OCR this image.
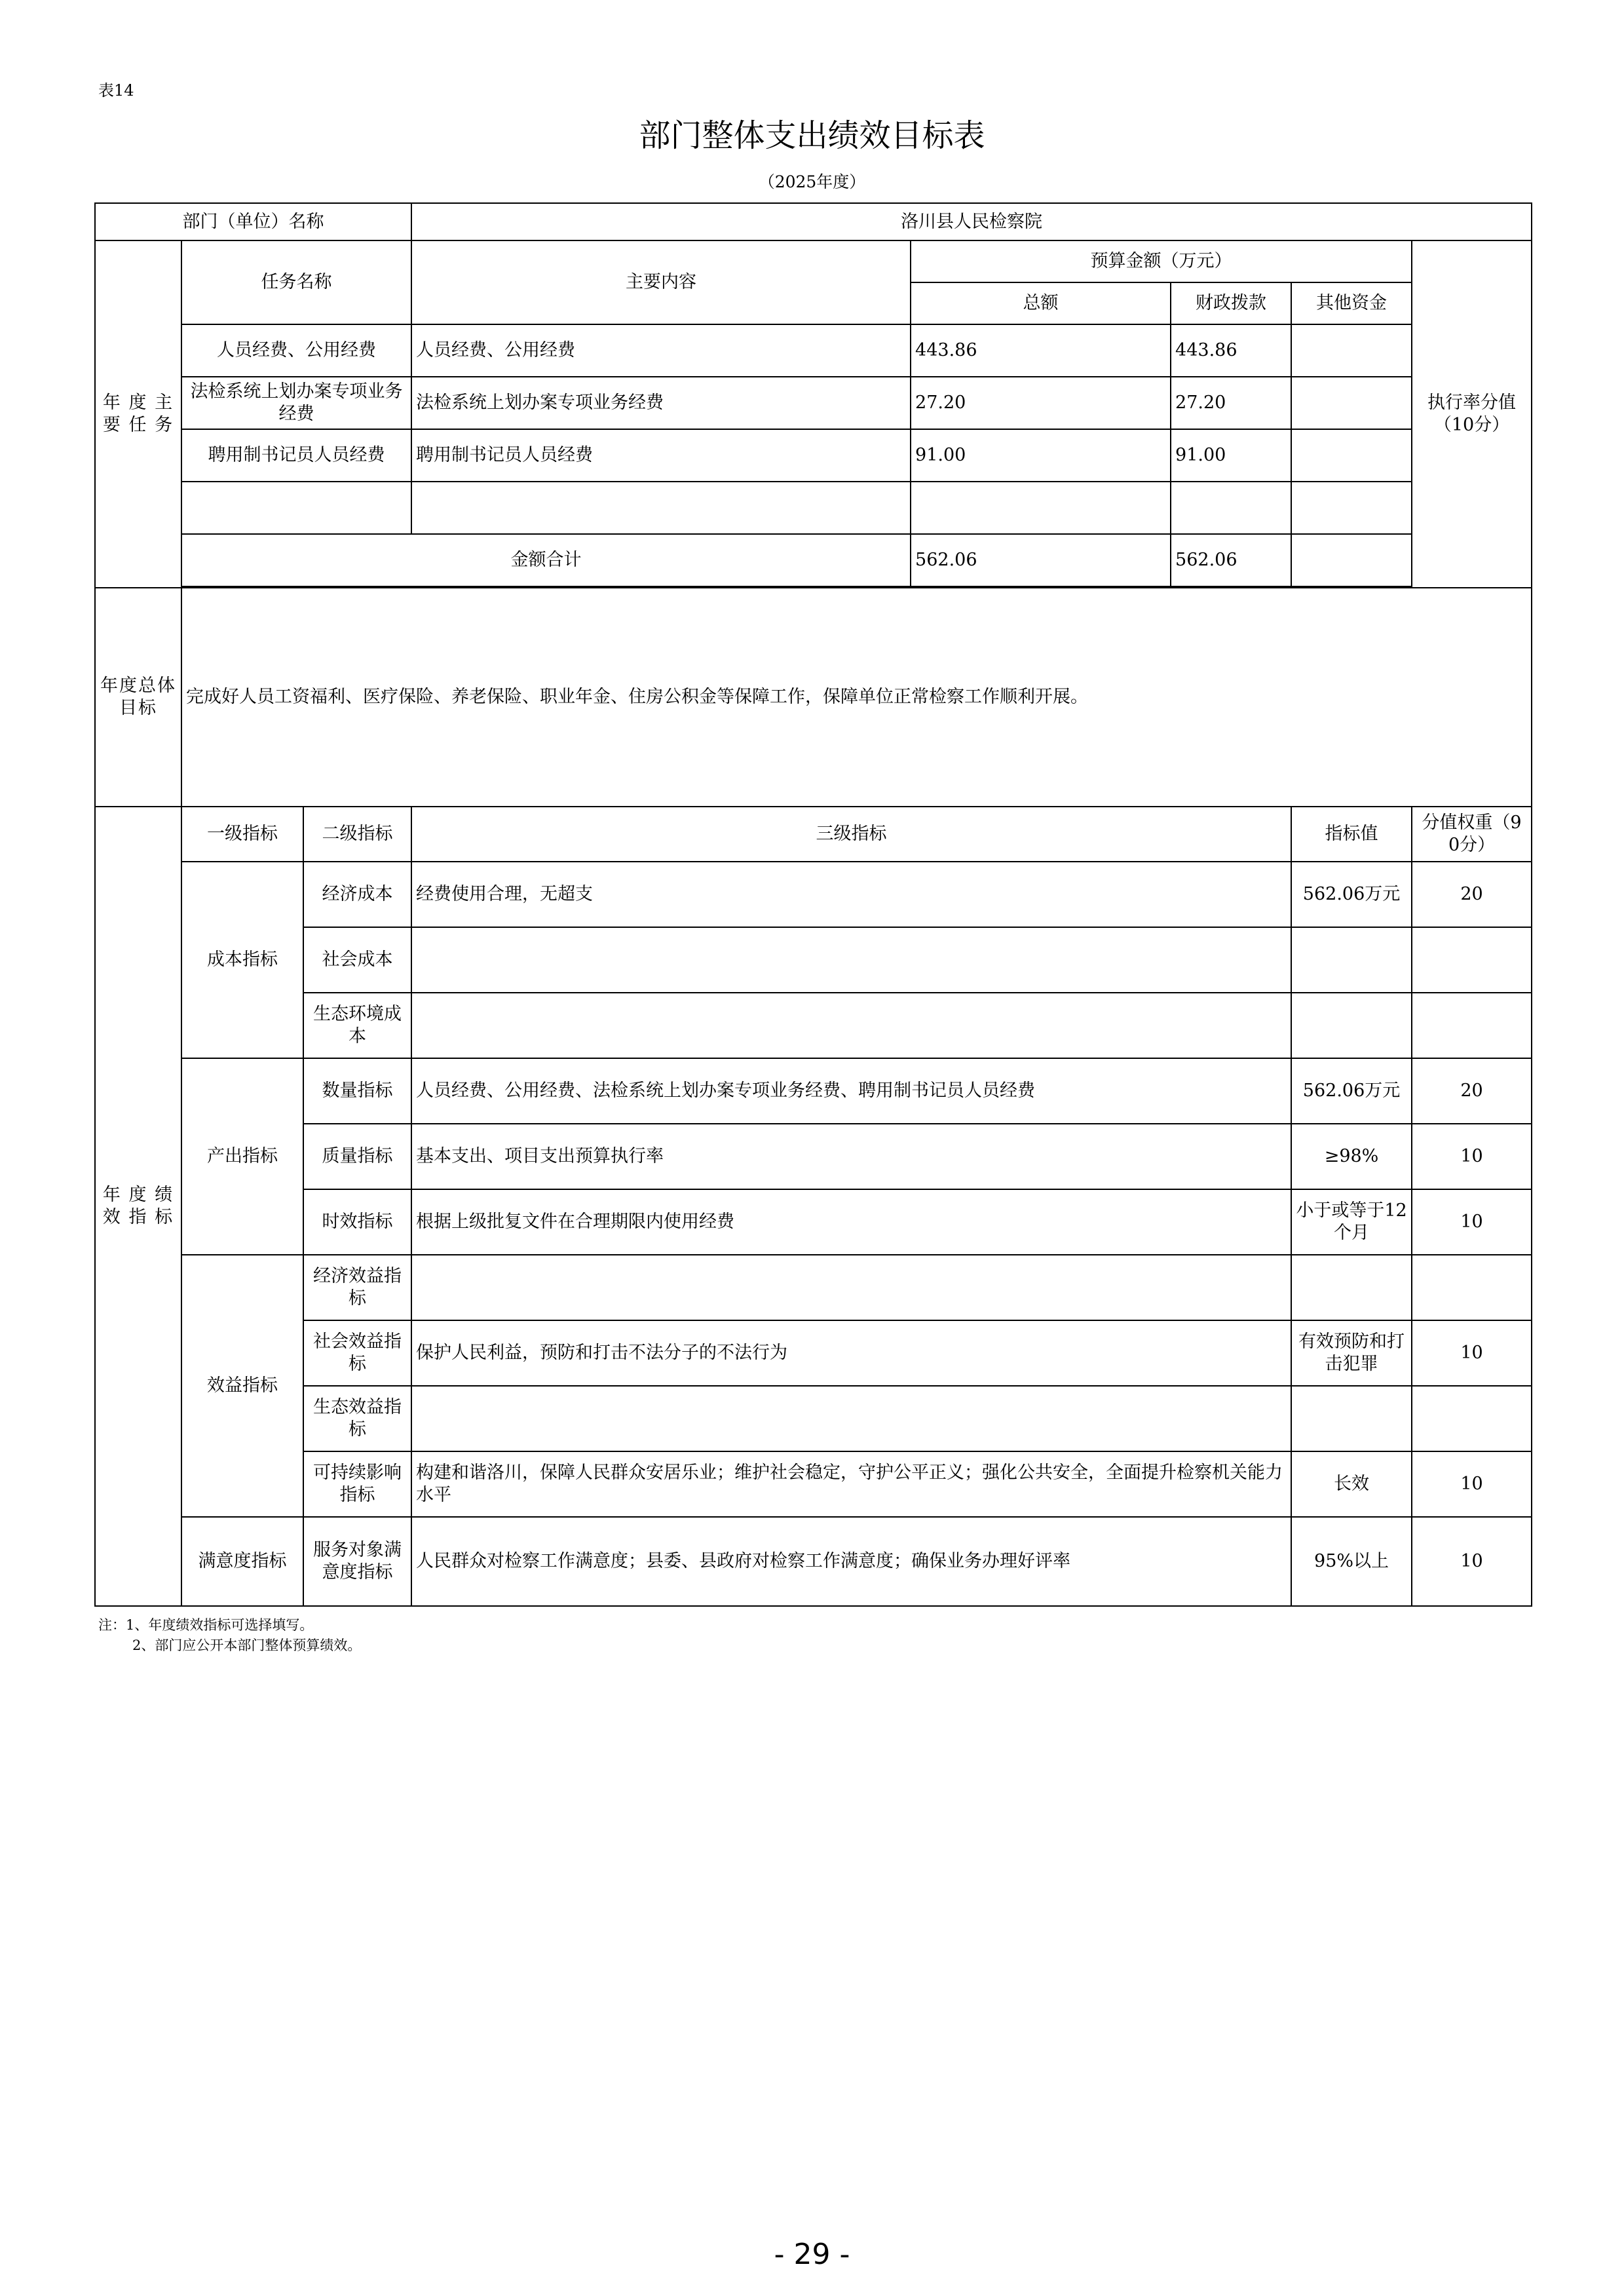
表14
部门整体支出绩效目标表
（2025年度）
部门（单位）名称			洛川县人民检察院				
年 度 主 要 任 务	任务名称		主要内容	预算金额（万元）			执行率分值（10分）
				总额	财政拨款	其他资金	
	人员经费、公用经费		人员经费、公用经费	443.86	443.86		
	法检系统上划办案专项业务经费		法检系统上划办案专项业务经费	27.20	27.20		
	聘用制书记员人员经费		聘用制书记员人员经费	91.00	91.00		

	金额合计			562.06	562.06		

年度总体目标	完成好人员工资福利、医疗保险、养老保险、职业年金、住房公积金等保障工作，保障单位正常检察工作顺利开展。						
年 度 绩 效 指 标	一级指标	二级指标	三级指标			指标值	分值权重（90分）
	成本指标	经济成本	经费使用合理，无超支			562.06万元	20
		社会成本					
		生态环境成本					
	产出指标	数量指标	人员经费、公用经费、法检系统上划办案专项业务经费、聘用制书记员人员经费			562.06万元	20
		质量指标	基本支出、项目支出预算执行率			≥98%	10
		时效指标	根据上级批复文件在合理期限内使用经费			小于或等于12个月	10
	效益指标	经济效益指标					
		社会效益指标	保护人民利益，预防和打击不法分子的不法行为			有效预防和打击犯罪	10
		生态效益指标					
		可持续影响指标	构建和谐洛川，保障人民群众安居乐业；维护社会稳定，守护公平正义；强化公共安全，全面提升检察机关能力水平			长效	10
	满意度指标	服务对象满意度指标	人民群众对检察工作满意度；县委、县政府对检察工作满意度；确保业务办理好评率			95%以上	10
注：1、年度绩效指标可选择填写。
2、部门应公开本部门整体预算绩效。
- 29 -
